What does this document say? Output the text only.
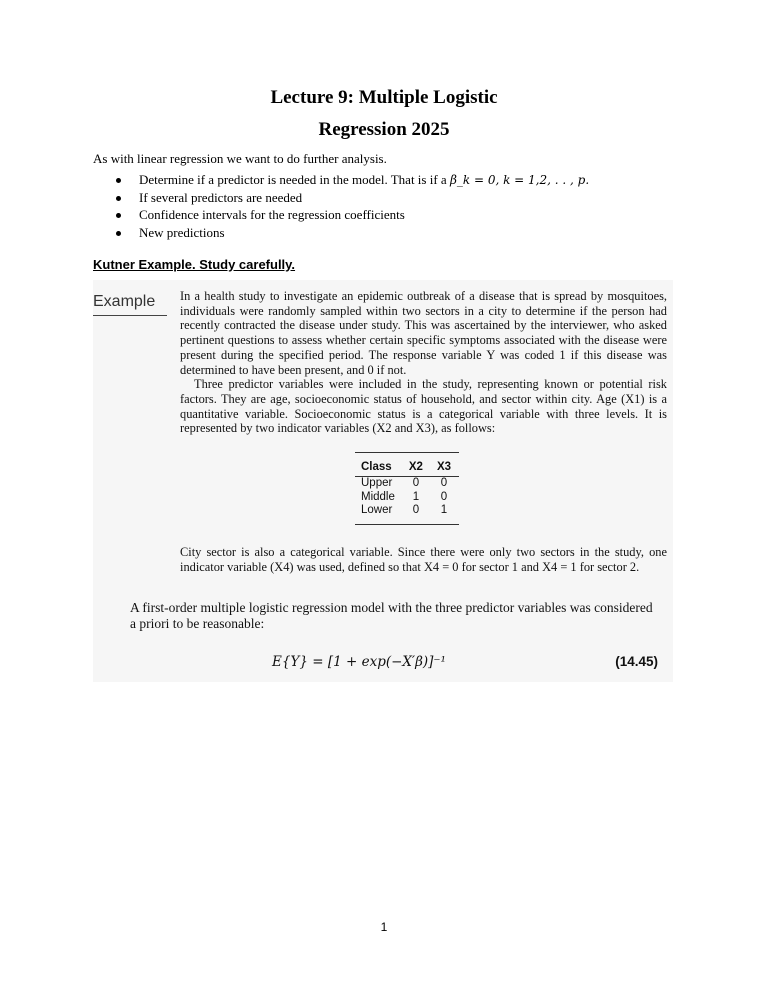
Lecture 9: Multiple Logistic
Regression 2025
As with linear regression we want to do further analysis.
Determine if a predictor is needed in the model. That is if a β_k = 0, k = 1,2, . . , p.
If several predictors are needed
Confidence intervals for the regression coefficients
New predictions
Kutner Example. Study carefully.
Example In a health study to investigate an epidemic outbreak of a disease that is spread by mosquitoes, individuals were randomly sampled within two sectors in a city to determine if the person had recently contracted the disease under study. This was ascertained by the interviewer, who asked pertinent questions to assess whether certain specific symptoms associated with the disease were present during the specified period. The response variable Y was coded 1 if this disease was determined to have been present, and 0 if not.

Three predictor variables were included in the study, representing known or potential risk factors. They are age, socioeconomic status of household, and sector within city. Age (X1) is a quantitative variable. Socioeconomic status is a categorical variable with three levels. It is represented by two indicator variables (X2 and X3), as follows:

Class	X2	X3
Upper	0	0
Middle	1	0
Lower	0	1
City sector is also a categorical variable. Since there were only two sectors in the study, one indicator variable (X4) was used, defined so that X4 = 0 for sector 1 and X4 = 1 for sector 2.
A first-order multiple logistic regression model with the three predictor variables was considered a priori to be reasonable:
E{Y} = [1 + exp(−X′β)]⁻¹	(14.45)
1
